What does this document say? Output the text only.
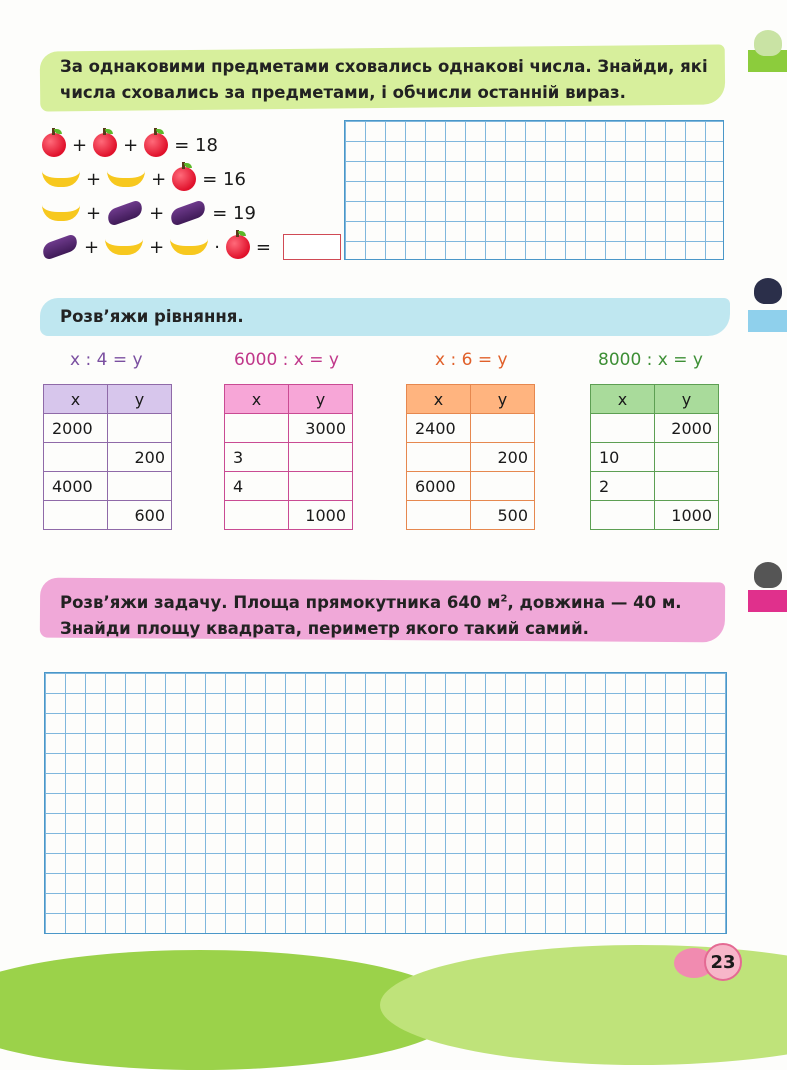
За однаковими предметами сховались однакові числа. Знайди, які числа сховались за предметами, і обчисли останній вираз.
+ + = 18
+	+ = 16
+	+	= 19
+	+	· =
Розв’яжи рівняння.
x : 4 = y	6000 : x = y	x : 6 = y	8000 : x = y
x	y
2000	
	200
4000	
	600
x	y
	3000
3	
4	
	1000
x	y
2400	
	200
6000	
	500
x	y
	2000
10	
2	
	1000
Розв’яжи задачу. Площа прямокутника 640 $м^2$, довжина — 40 м.
Знайди площу квадрата, периметр якого такий самий.
23
